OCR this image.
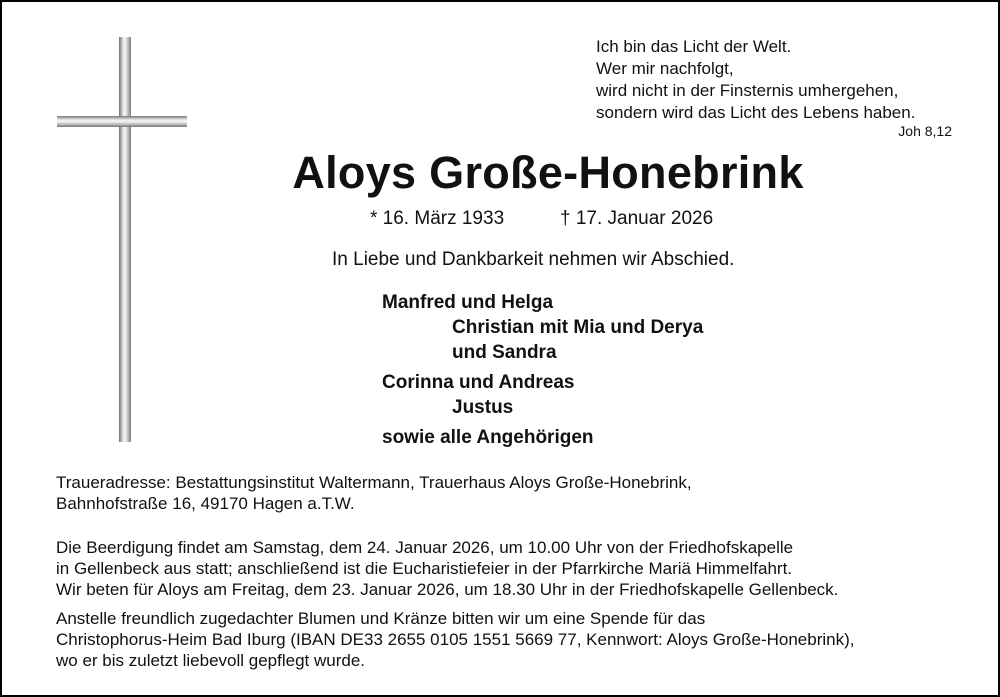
Ich bin das Licht der Welt.
Wer mir nachfolgt,
wird nicht in der Finsternis umhergehen,
sondern wird das Licht des Lebens haben.
Joh 8,12
Aloys Große-Honebrink
* 16. März 1933	† 17. Januar 2026
In Liebe und Dankbarkeit nehmen wir Abschied.
Manfred und Helga
Christian mit Mia und Derya
und Sandra
Corinna und Andreas
Justus
sowie alle Angehörigen
Traueradresse: Bestattungsinstitut Waltermann, Trauerhaus Aloys Große-Honebrink,
Bahnhofstraße 16, 49170 Hagen a.T.W.
Die Beerdigung findet am Samstag, dem 24. Januar 2026, um 10.00 Uhr von der Friedhofskapelle
in Gellenbeck aus statt; anschließend ist die Eucharistiefeier in der Pfarrkirche Mariä Himmelfahrt.
Wir beten für Aloys am Freitag, dem 23. Januar 2026, um 18.30 Uhr in der Friedhofskapelle Gellenbeck.
Anstelle freundlich zugedachter Blumen und Kränze bitten wir um eine Spende für das
Christophorus-Heim Bad Iburg (IBAN DE33 2655 0105 1551 5669 77, Kennwort: Aloys Große-Honebrink),
wo er bis zuletzt liebevoll gepflegt wurde.
